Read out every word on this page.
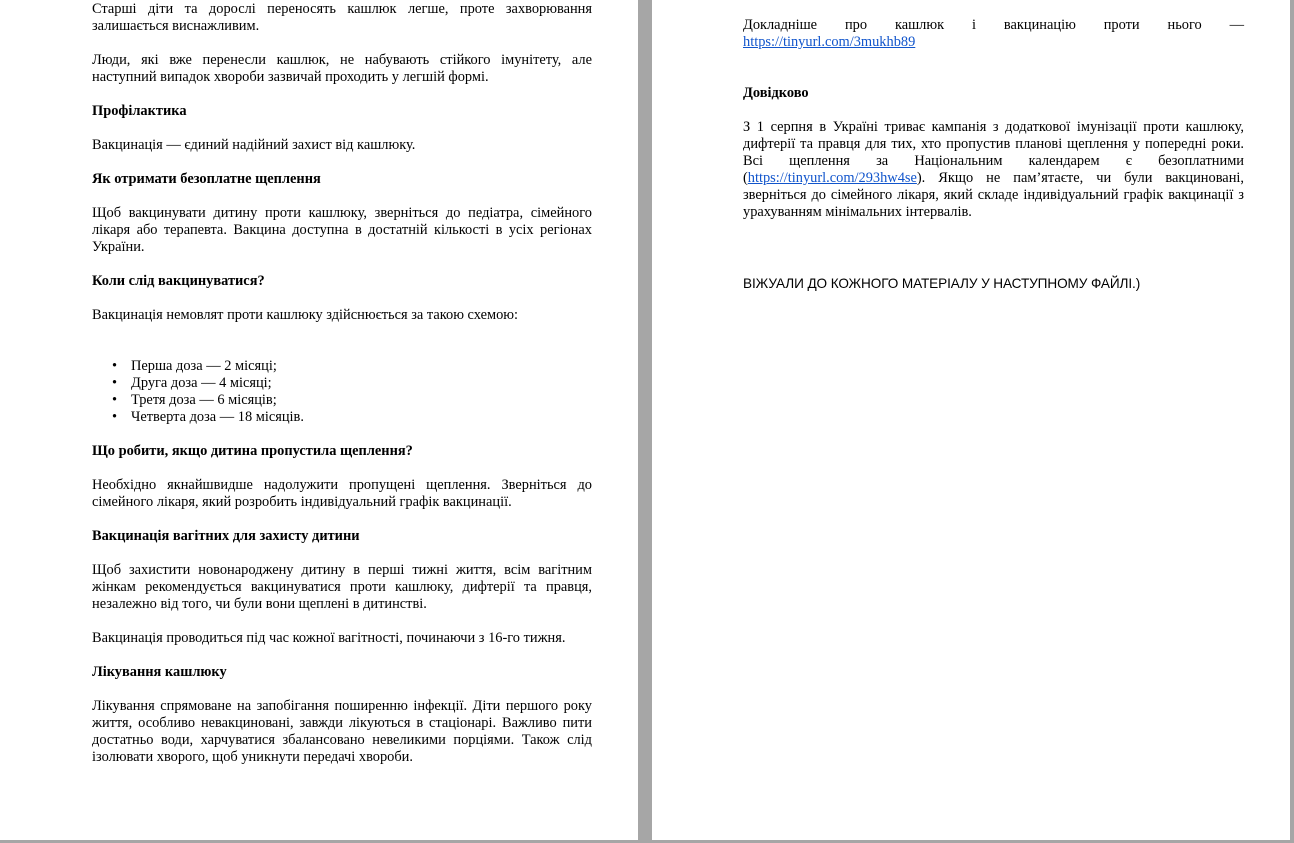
Старші діти та дорослі переносять кашлюк легше, проте захворювання залишається виснажливим.

Люди, які вже перенесли кашлюк, не набувають стійкого імунітету, але наступний випадок хвороби зазвичай проходить у легшій формі.

Профілактика

Вакцинація — єдиний надійний захист від кашлюку.

Як отримати безоплатне щеплення

Щоб вакцинувати дитину проти кашлюку, зверніться до педіатра, сімейного лікаря або терапевта. Вакцина доступна в достатній кількості в усіх регіонах України.

Коли слід вакцинуватися?

Вакцинація немовлят проти кашлюку здійснюється за такою схемою:

• Перша доза — 2 місяці;
• Друга доза — 4 місяці;
• Третя доза — 6 місяців;
• Четверта доза — 18 місяців.
Що робити, якщо дитина пропустила щеплення?

Необхідно якнайшвидше надолужити пропущені щеплення. Зверніться до сімейного лікаря, який розробить індивідуальний графік вакцинації.

Вакцинація вагітних для захисту дитини

Щоб захистити новонароджену дитину в перші тижні життя, всім вагітним жінкам рекомендується вакцинуватися проти кашлюку, дифтерії та правця, незалежно від того, чи були вони щеплені в дитинстві.

Вакцинація проводиться під час кожної вагітності, починаючи з 16-го тижня.

Лікування кашлюку

Лікування спрямоване на запобігання поширенню інфекції. Діти першого року життя, особливо невакциновані, завжди лікуються в стаціонарі. Важливо пити достатньо води, харчуватися збалансовано невеликими порціями. Також слід ізолювати хворого, щоб уникнути передачі хвороби.

Докладніше про кашлюк і вакцинацію проти нього — https://tinyurl.com/3mukhb89

Довідково

З 1 серпня в Україні триває кампанія з додаткової імунізації проти кашлюку, дифтерії та правця для тих, хто пропустив планові щеплення у попередні роки. Всі щеплення за Національним календарем є безоплатними (https://tinyurl.com/293hw4se). Якщо не пам’ятаєте, чи були вакциновані, зверніться до сімейного лікаря, який складе індивідуальний графік вакцинації з урахуванням мінімальних інтервалів.

ВІЖУАЛИ ДО КОЖНОГО МАТЕРІАЛУ У НАСТУПНОМУ ФАЙЛІ.)
